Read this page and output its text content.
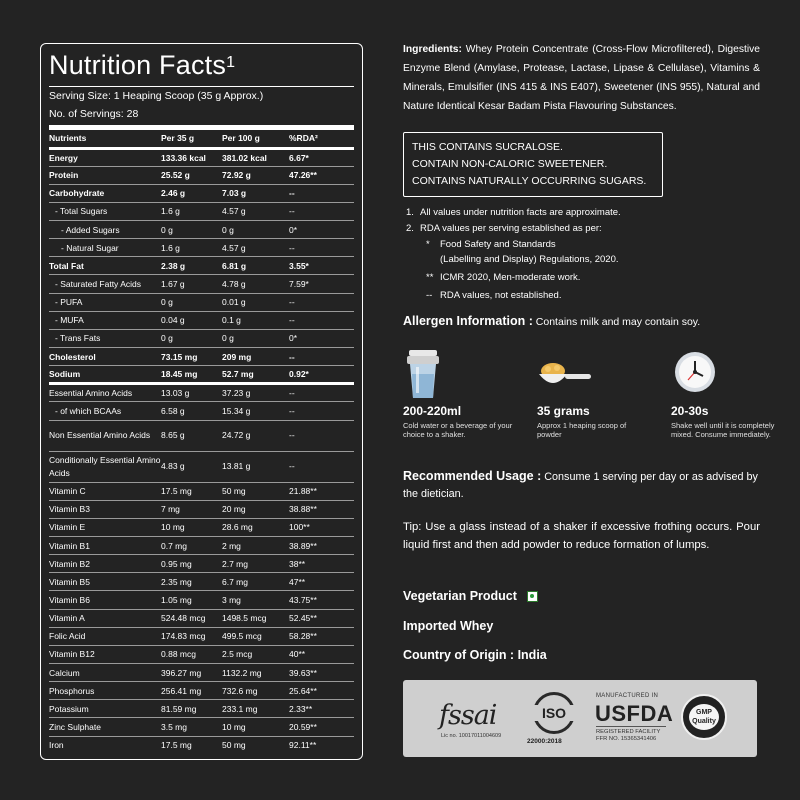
Nutrition Facts$^1$
Serving Size: 1 Heaping Scoop (35 g Approx.)
No. of Servings: 28
Nutrients	Per 35 g	Per 100 g	%RDA²
Energy	133.36 kcal	381.02 kcal	6.67*
Protein	25.52 g	72.92 g	47.26**
Carbohydrate	2.46 g	7.03 g	--
- Total Sugars	1.6 g	4.57 g	--
- Added Sugars	0 g	0 g	0*
- Natural Sugar	1.6 g	4.57 g	--
Total Fat	2.38 g	6.81 g	3.55*
- Saturated Fatty Acids	1.67 g	4.78 g	7.59*
- PUFA	0 g	0.01 g	--
- MUFA	0.04 g	0.1 g	--
- Trans Fats	0 g	0 g	0*
Cholesterol	73.15 mg	209 mg	--
Sodium	18.45 mg	52.7 mg	0.92*
Essential Amino Acids	13.03 g	37.23 g	--
- of which BCAAs	6.58 g	15.34 g	--
Non Essential Amino Acids	8.65 g	24.72 g	--
Conditionally Essential Amino Acids	4.83 g	13.81 g	--
Vitamin C	17.5 mg	50 mg	21.88**
Vitamin B3	7 mg	20 mg	38.88**
Vitamin E	10 mg	28.6 mg	100**
Vitamin B1	0.7 mg	2 mg	38.89**
Vitamin B2	0.95 mg	2.7 mg	38**
Vitamin B5	2.35 mg	6.7 mg	47**
Vitamin B6	1.05 mg	3 mg	43.75**
Vitamin A	524.48 mcg	1498.5 mcg	52.45**
Folic Acid	174.83 mcg	499.5 mcg	58.28**
Vitamin B12	0.88 mcg	2.5 mcg	40**
Calcium	396.27 mg	1132.2 mg	39.63**
Phosphorus	256.41 mg	732.6 mg	25.64**
Potassium	81.59 mg	233.1 mg	2.33**
Zinc Sulphate	3.5 mg	10 mg	20.59**
Iron	17.5 mg	50 mg	92.11**
Ingredients: Whey Protein Concentrate (Cross-Flow Microfiltered), Digestive Enzyme Blend (Amylase, Protease, Lactase, Lipase & Cellulase), Vitamins & Minerals, Emulsifier (INS 415 & INS E407), Sweetener (INS 955), Natural and Nature Identical Kesar Badam Pista Flavouring Substances.
THIS CONTAINS SUCRALOSE.
CONTAIN NON-CALORIC SWEETENER.
CONTAINS NATURALLY OCCURRING SUGARS.
1. All values under nutrition facts are approximate.
2. RDA values per serving established as per:
*	Food Safety and Standards
(Labelling and Display) Regulations, 2020.
** ICMR 2020, Men-moderate work.
-- RDA values, not established.
Allergen Information : Contains milk and may contain soy.
200-220ml
Cold water or a beverage of your choice to a shaker.
35 grams
Approx 1 heaping scoop of powder
20-30s
Shake well until it is completely mixed. Consume immediately.
Recommended Usage : Consume 1 serving per day or as advised by the dietician.
Tip: Use a glass instead of a shaker if excessive frothing occurs. Pour liquid first and then add powder to reduce formation of lumps.
Vegetarian Product
Imported Whey
Country of Origin : India
fssai
Lic no. 10017011004609
ISO
22000:2018
MANUFACTURED IN
USFDA
REGISTERED FACILITY
FFR NO. 15365341406
GMP
Quality
